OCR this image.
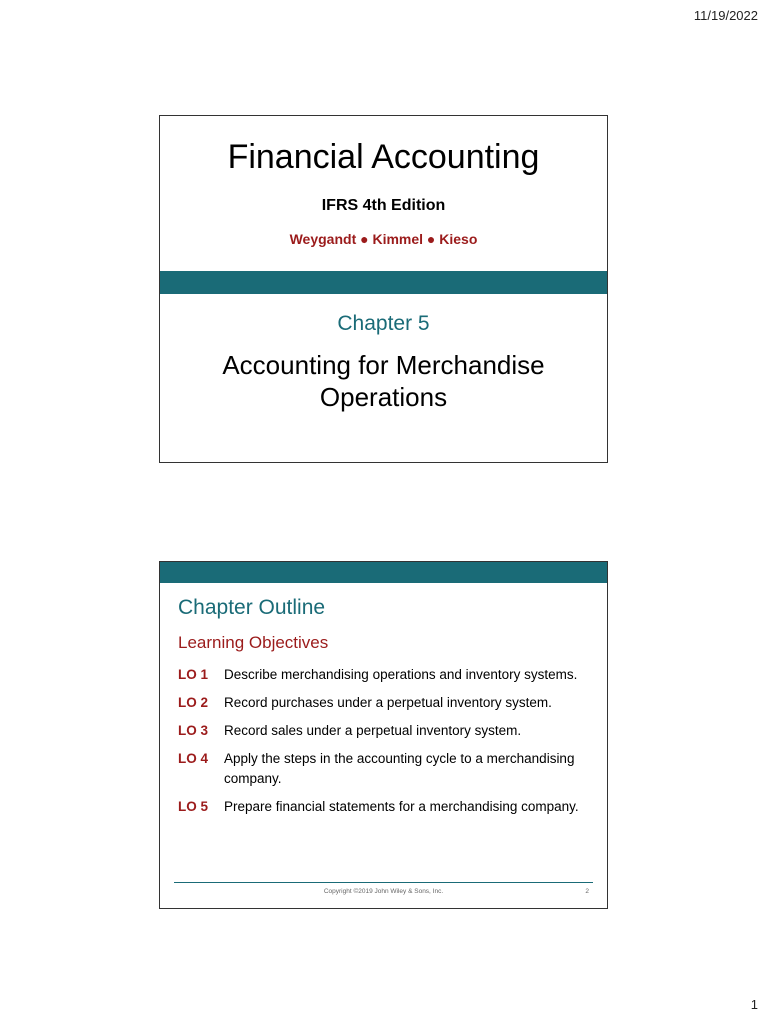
11/19/2022
Financial Accounting
IFRS 4th Edition
Weygandt ● Kimmel ● Kieso
Chapter 5
Accounting for Merchandise Operations
Chapter Outline
Learning Objectives
LO 1	Describe merchandising operations and inventory systems.
LO 2	Record purchases under a perpetual inventory system.
LO 3	Record sales under a perpetual inventory system.
LO 4	Apply the steps in the accounting cycle to a merchandising company.
LO 5	Prepare financial statements for a merchandising company.
Copyright ©2019 John Wiley & Sons, Inc.	2
1
